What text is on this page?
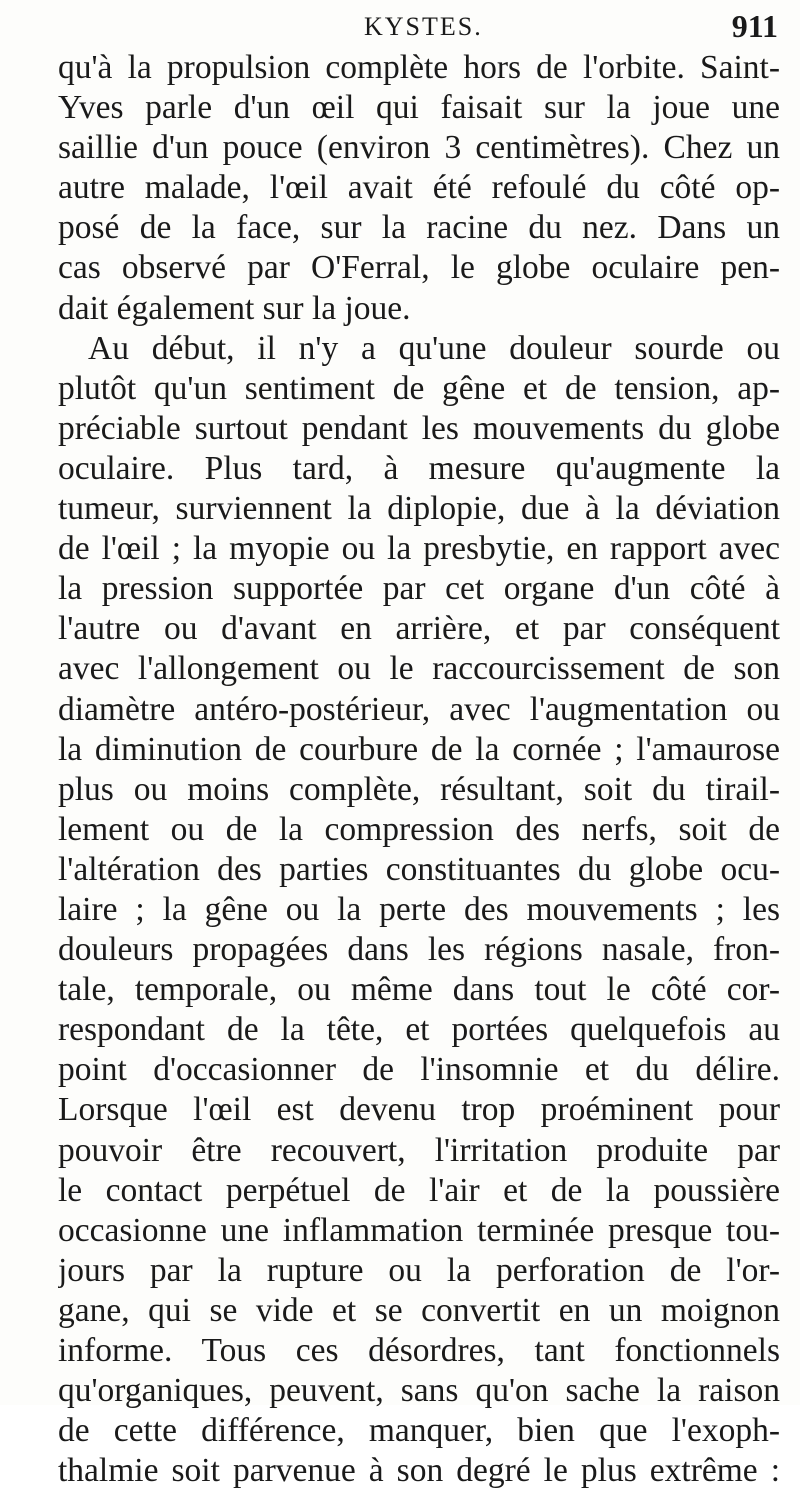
KYSTES.	911
qu'à la propulsion complète hors de l'orbite. Saint-
Yves parle d'un œil qui faisait sur la joue une
saillie d'un pouce (environ 3 centimètres). Chez un
autre malade, l'œil avait été refoulé du côté op-
posé de la face, sur la racine du nez. Dans un
cas observé par O'Ferral, le globe oculaire pen-
dait également sur la joue.
Au début, il n'y a qu'une douleur sourde ou
plutôt qu'un sentiment de gêne et de tension, ap-
préciable surtout pendant les mouvements du globe
oculaire. Plus tard, à mesure qu'augmente la
tumeur, surviennent la diplopie, due à la déviation
de l'œil ; la myopie ou la presbytie, en rapport avec
la pression supportée par cet organe d'un côté à
l'autre ou d'avant en arrière, et par conséquent
avec l'allongement ou le raccourcissement de son
diamètre antéro-postérieur, avec l'augmentation ou
la diminution de courbure de la cornée ; l'amaurose
plus ou moins complète, résultant, soit du tirail-
lement ou de la compression des nerfs, soit de
l'altération des parties constituantes du globe ocu-
laire ; la gêne ou la perte des mouvements ; les
douleurs propagées dans les régions nasale, fron-
tale, temporale, ou même dans tout le côté cor-
respondant de la tête, et portées quelquefois au
point d'occasionner de l'insomnie et du délire.
Lorsque l'œil est devenu trop proéminent pour
pouvoir être recouvert, l'irritation produite par
le contact perpétuel de l'air et de la poussière
occasionne une inflammation terminée presque tou-
jours par la rupture ou la perforation de l'or-
gane, qui se vide et se convertit en un moignon
informe. Tous ces désordres, tant fonctionnels
qu'organiques, peuvent, sans qu'on sache la raison
de cette différence, manquer, bien que l'exoph-
thalmie soit parvenue à son degré le plus extrême :
